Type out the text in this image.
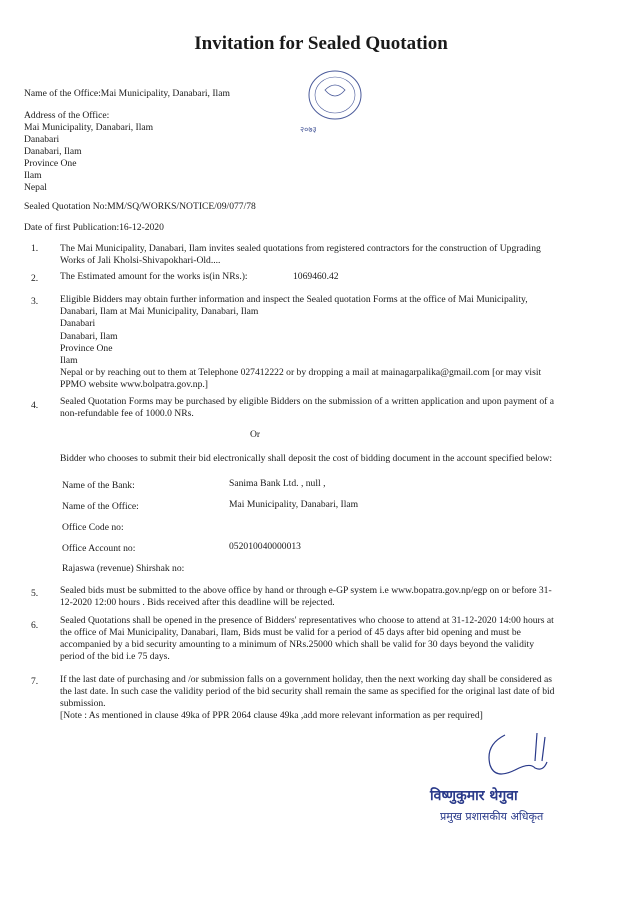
Invitation for Sealed Quotation
Name of the Office:Mai Municipality, Danabari, Ilam
२०७३
Address of the Office:
Mai Municipality, Danabari, Ilam
Danabari
Danabari, Ilam
Province One
Ilam
Nepal
Sealed Quotation No:MM/SQ/WORKS/NOTICE/09/077/78
Date of first Publication:16-12-2020
1. The Mai Municipality, Danabari, Ilam invites sealed quotations from registered contractors for the construction of Upgrading
Works of Jali Kholsi-Shivapokhari-Old....
2. The Estimated amount for the works is(in NRs.):	1069460.42
3. Eligible Bidders may obtain further information and inspect the Sealed quotation Forms at the office of Mai Municipality,
Danabari, Ilam at Mai Municipality, Danabari, Ilam
Danabari
Danabari, Ilam
Province One
Ilam
Nepal or by reaching out to them at Telephone 027412222 or by dropping a mail at mainagarpalika@gmail.com [or may visit
PPMO website www.bolpatra.gov.np.]
4. Sealed Quotation Forms may be purchased by eligible Bidders on the submission of a written application and upon payment of a
non-refundable fee of 1000.0 NRs.
Or
Bidder who chooses to submit their bid electronically shall deposit the cost of bidding document in the account specified below:
Name of the Bank:	Sanima Bank Ltd. , null ,
Name of the Office:	Mai Municipality, Danabari, Ilam
Office Code no:
Office Account no:	052010040000013
Rajaswa (revenue) Shirshak no:
5. Sealed bids must be submitted to the above office by hand or through e-GP system i.e www.bopatra.gov.np/egp on or before 31-
12-2020 12:00 hours . Bids received after this deadline will be rejected.
6. Sealed Quotations shall be opened in the presence of Bidders' representatives who choose to attend at 31-12-2020 14:00 hours at
the office of Mai Municipality, Danabari, Ilam, Bids must be valid for a period of 45 days after bid opening and must be
accompanied by a bid security amounting to a minimum of NRs.25000 which shall be valid for 30 days beyond the validity
period of the bid i.e 75 days.
7. If the last date of purchasing and /or submission falls on a government holiday, then the next working day shall be considered as
the last date. In such case the validity period of the bid security shall remain the same as specified for the original last date of bid
submission.
[Note : As mentioned in clause 49ka of PPR 2064 clause 49ka ,add more relevant information as per required]
विष्णुकुमार थेगुवा
प्रमुख प्रशासकीय अधिकृत
